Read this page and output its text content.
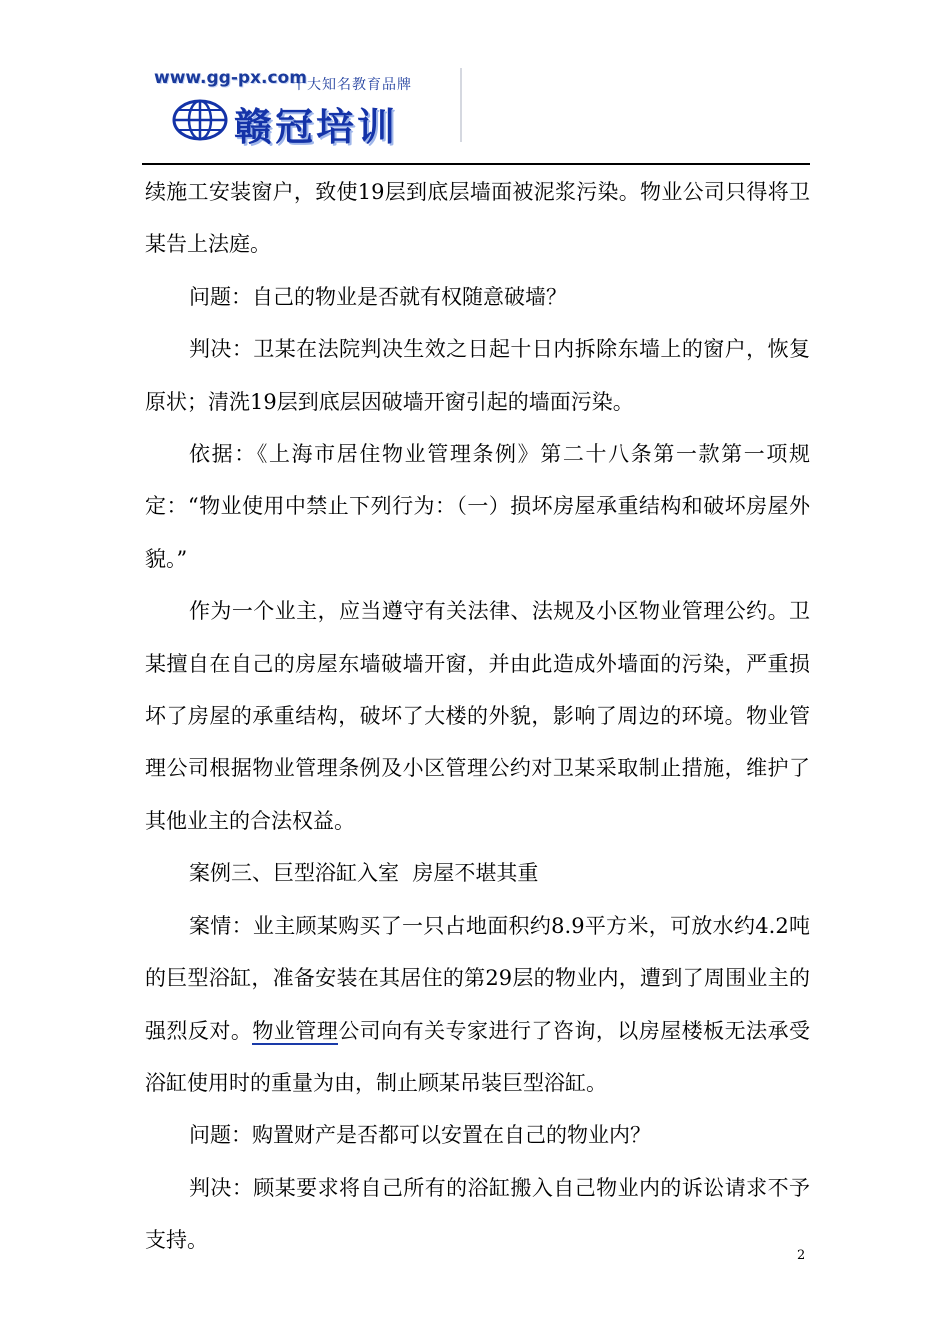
www.gg-px.com
十大知名教育品牌
赣冠培训

续施工安装窗户，致使19层到底层墙面被泥浆污染。物业公司只得将卫某告上法庭。

问题：自己的物业是否就有权随意破墙？

判决：卫某在法院判决生效之日起十日内拆除东墙上的窗户，恢复原状；清洗19层到底层因破墙开窗引起的墙面污染。

依据：《上海市居住物业管理条例》第二十八条第一款第一项规定：“物业使用中禁止下列行为：（一）损坏房屋承重结构和破坏房屋外貌。”

作为一个业主，应当遵守有关法律、法规及小区物业管理公约。卫某擅自在自己的房屋东墙破墙开窗，并由此造成外墙面的污染，严重损坏了房屋的承重结构，破坏了大楼的外貌，影响了周边的环境。物业管理公司根据物业管理条例及小区管理公约对卫某采取制止措施，维护了其他业主的合法权益。

案例三、巨型浴缸入室  房屋不堪其重

案情：业主顾某购买了一只占地面积约8.9平方米，可放水约4.2吨的巨型浴缸，准备安装在其居住的第29层的物业内，遭到了周围业主的强烈反对。物业管理公司向有关专家进行了咨询，以房屋楼板无法承受浴缸使用时的重量为由，制止顾某吊装巨型浴缸。

问题：购置财产是否都可以安置在自己的物业内？

判决：顾某要求将自己所有的浴缸搬入自己物业内的诉讼请求不予支持。

2
